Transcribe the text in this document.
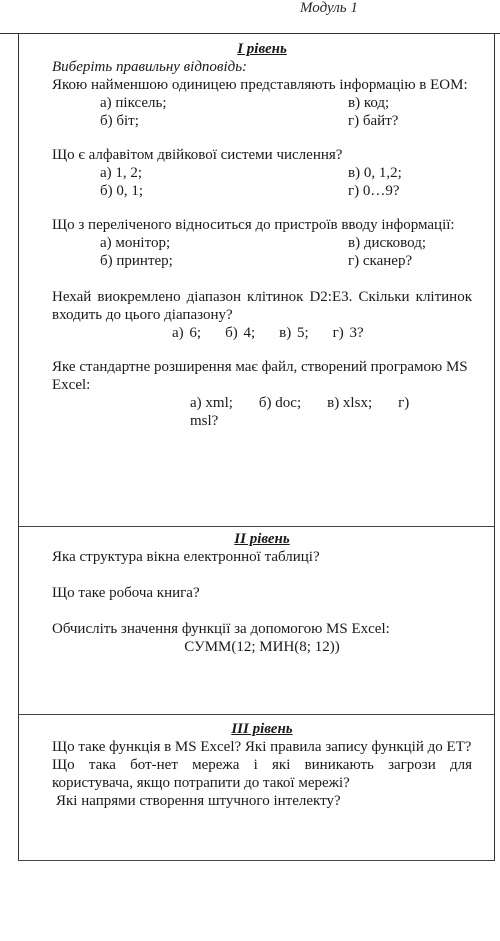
Модуль 1
I рівень
Виберіть правильну відповідь:

Якою найменшою одиницею представляють інформацію в ЕОМ:

а) піксель;	в) код;
б) біт;	г) байт?

Що є алфавітом двійкової системи числення?

а) 1, 2;	в) 0, 1,2;
б) 0, 1;	г) 0…9?

Що з переліченого відноситься до пристроїв вводу інформації:

а) монітор;	в) дисковод;
б) принтер;	г) сканер?

Нехай виокремлено діапазон клітинок D2:E3. Скільки клітинок входить до цього діапазону?

а) 6; б) 4; в) 5; г) 3?

Яке стандартне розширення має файл, створений програмою MS Excel:

а) xml; б) doc; в) xlsx; г)
msl?
II рівень

Яка структура вікна електронної таблиці?

Що таке робоча книга?

Обчисліть значення функції за допомогою MS Excel:

СУММ(12; МИН(8; 12))
III рівень

Що таке функція в MS Excel? Які правила запису функцій до ЕТ?

Що така бот-нет мережа і які виникають загрози для користувача, якщо потрапити до такої мережі?

Які напрями створення штучного інтелекту?
